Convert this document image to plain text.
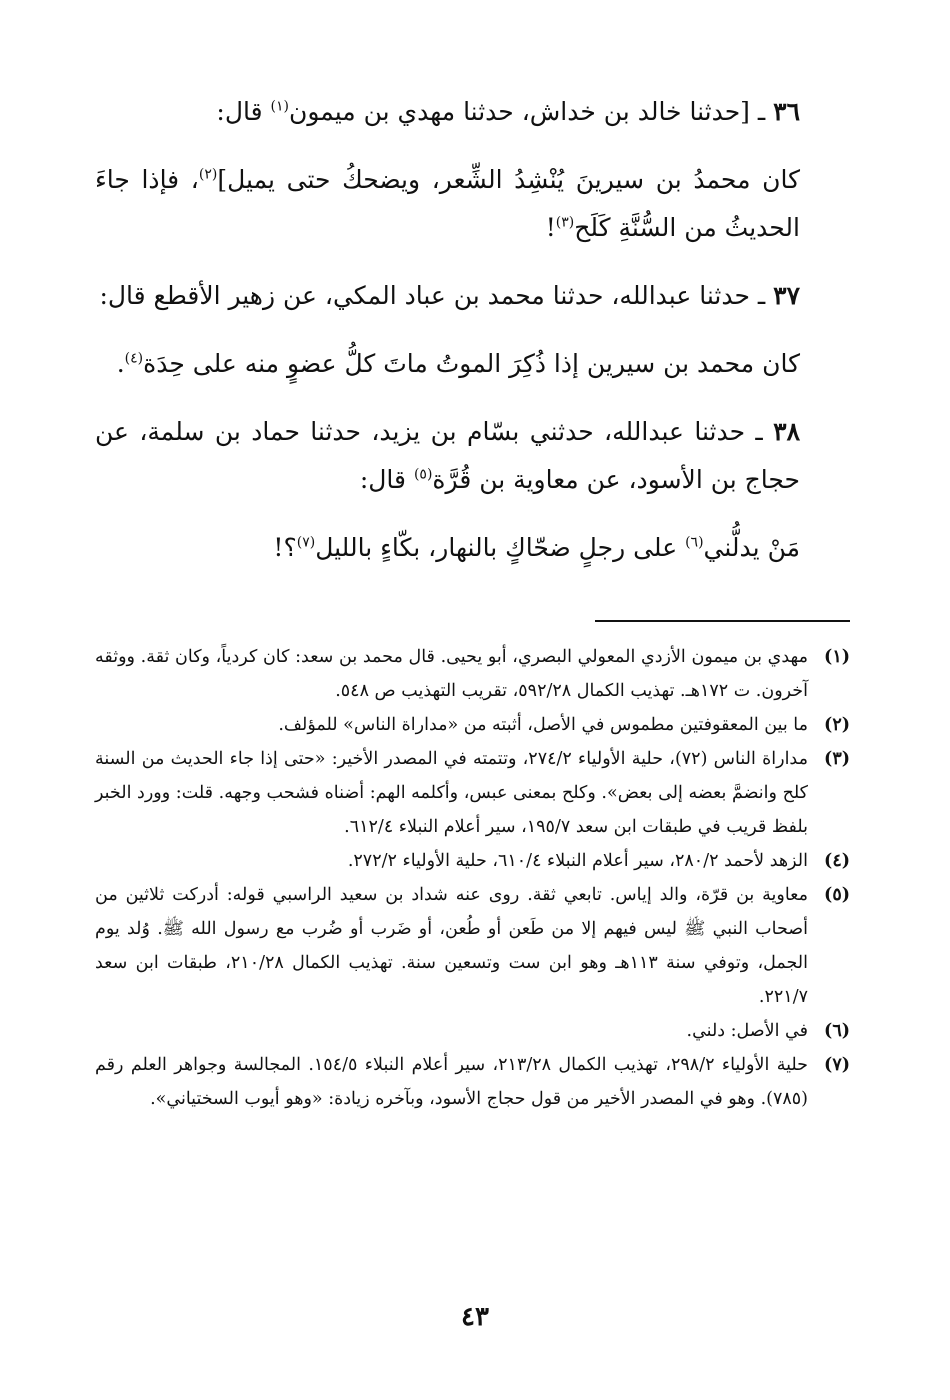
٣٦ ـ [حدثنا خالد بن خداش، حدثنا مهدي بن ميمون$^{(١)}$ قال:

كان محمدُ بن سيرينَ يُنْشِدُ الشِّعر، ويضحكُ حتى يميل]$^{(٢)}$، فإذا جاءَ الحديثُ من السُّنَّةِ كَلَح$^{(٣)}$!

٣٧ ـ حدثنا عبدالله، حدثنا محمد بن عباد المكي، عن زهير الأقطع قال:

كان محمد بن سيرين إذا ذُكِرَ الموتُ ماتَ كلُّ عضوٍ منه على حِدَة$^{(٤)}$.

٣٨ ـ حدثنا عبدالله، حدثني بسّام بن يزيد، حدثنا حماد بن سلمة، عن حجاج بن الأسود، عن معاوية بن قُرَّة$^{(٥)}$ قال:

مَنْ يدلُّني$^{(٦)}$ على رجلٍ ضحّاكٍ بالنهار، بكّاءٍ بالليل$^{(٧)}$؟!

(١)
مهدي بن ميمون الأزدي المعولي البصري، أبو يحيى. قال محمد بن سعد: كان كردياً، وكان ثقة. ووثقه آخرون. ت ١٧٢هـ. تهذيب الكمال ٥٩٢/٢٨، تقريب التهذيب ص ٥٤٨.
(٢)
ما بين المعقوفتين مطموس في الأصل، أثبته من «مداراة الناس» للمؤلف.
(٣)
مداراة الناس (٧٢)، حلية الأولياء ٢٧٤/٢، وتتمته في المصدر الأخير: «حتى إذا جاء الحديث من السنة كلح وانضمَّ بعضه إلى بعض». وكلح بمعنى عبس، وأكلمه الهم: أضناه فشحب وجهه. قلت: وورد الخبر بلفظ قريب في طبقات ابن سعد ١٩٥/٧، سير أعلام النبلاء ٦١٢/٤.
(٤)
الزهد لأحمد ٢٨٠/٢، سير أعلام النبلاء ٦١٠/٤، حلية الأولياء ٢٧٢/٢.
(٥)
معاوية بن قرّة، والد إياس. تابعي ثقة. روى عنه شداد بن سعيد الراسبي قوله: أدركت ثلاثين من أصحاب النبي ﷺ ليس فيهم إلا من طَعن أو طُعن، أو ضَرب أو ضُرب مع رسول الله ﷺ. وُلد يوم الجمل، وتوفي سنة ١١٣هـ وهو ابن ست وتسعين سنة. تهذيب الكمال ٢١٠/٢٨، طبقات ابن سعد ٢٢١/٧.
(٦)
في الأصل: دلني.
(٧)
حلية الأولياء ٢٩٨/٢، تهذيب الكمال ٢١٣/٢٨، سير أعلام النبلاء ١٥٤/٥. المجالسة وجواهر العلم رقم (٧٨٥). وهو في المصدر الأخير من قول حجاج الأسود، وبآخره زيادة: «وهو أيوب السختياني».
٤٣
